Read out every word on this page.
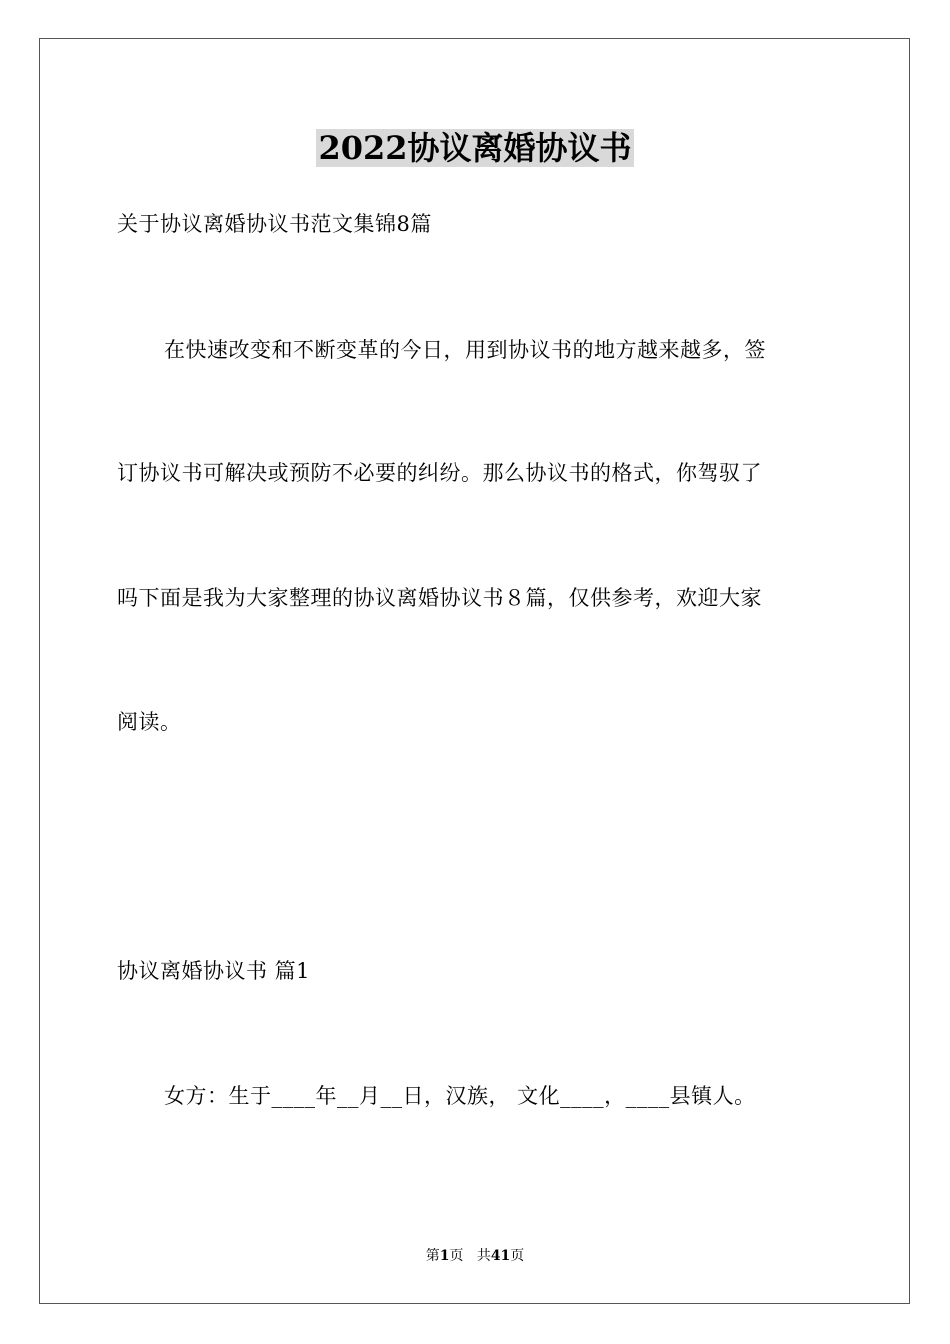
2022协议离婚协议书
关于协议离婚协议书范文集锦8篇
在快速改变和不断变革的今日，用到协议书的地方越来越多，签
订协议书可解决或预防不必要的纠纷。那么协议书的格式，你驾驭了
吗下面是我为大家整理的协议离婚协议书８篇，仅供参考，欢迎大家
阅读。
协议离婚协议书 篇1
女方：生于____年__月__日，汉族， 文化____，____县镇人。
第1页 共41页
